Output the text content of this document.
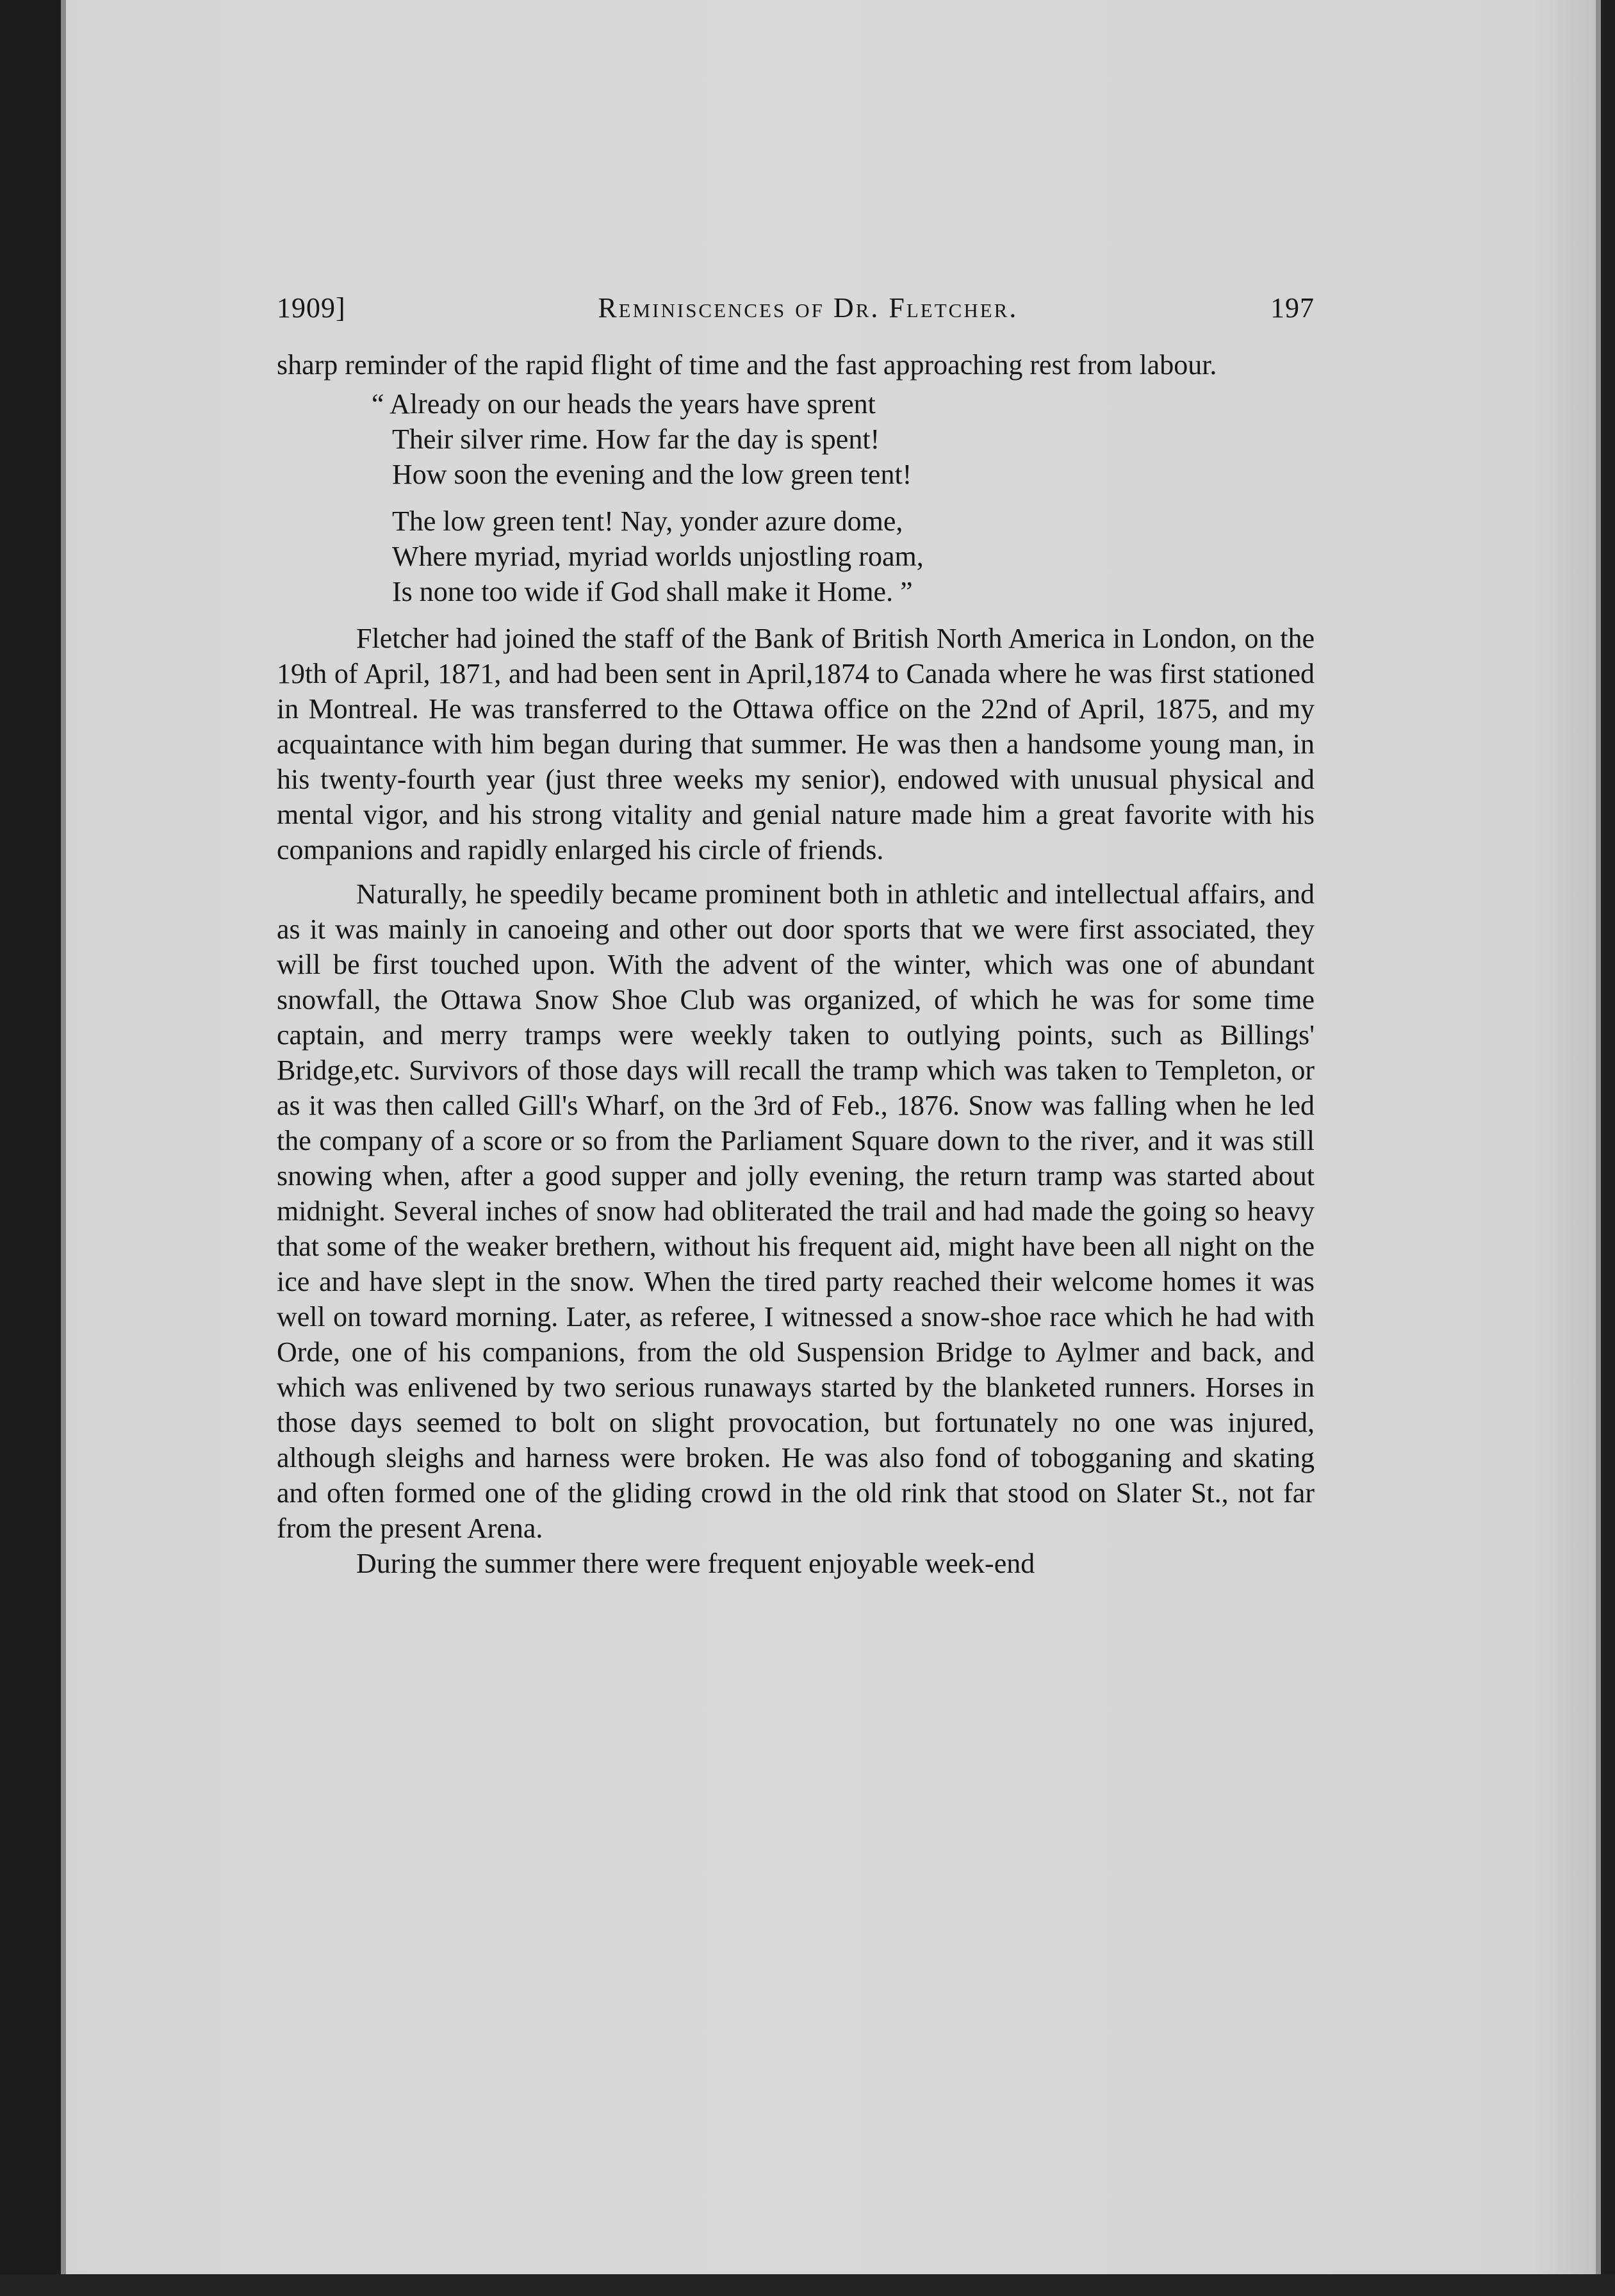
1909]	Reminiscences of Dr. Fletcher.	197

sharp reminder of the rapid flight of time and the fast approaching rest from labour.

“ Already on our heads the years have sprent
Their silver rime. How far the day is spent!
How soon the evening and the low green tent!
The low green tent! Nay, yonder azure dome,
Where myriad, myriad worlds unjostling roam,
Is none too wide if God shall make it Home. ”

Fletcher had joined the staff of the Bank of British North America in London, on the 19th of April, 1871, and had been sent in April,1874 to Canada where he was first stationed in Montreal. He was transferred to the Ottawa office on the 22nd of April, 1875, and my acquaintance with him began during that summer. He was then a handsome young man, in his twenty-fourth year (just three weeks my senior), endowed with unusual physical and mental vigor, and his strong vitality and genial nature made him a great favorite with his companions and rapidly enlarged his circle of friends.

Naturally, he speedily became prominent both in athletic and intellectual affairs, and as it was mainly in canoeing and other out door sports that we were first associated, they will be first touched upon. With the advent of the winter, which was one of abundant snowfall, the Ottawa Snow Shoe Club was organized, of which he was for some time captain, and merry tramps were weekly taken to outlying points, such as Billings' Bridge,etc. Survivors of those days will recall the tramp which was taken to Templeton, or as it was then called Gill's Wharf, on the 3rd of Feb., 1876. Snow was falling when he led the company of a score or so from the Parliament Square down to the river, and it was still snowing when, after a good supper and jolly evening, the return tramp was started about midnight. Several inches of snow had obliterated the trail and had made the going so heavy that some of the weaker brethern, without his frequent aid, might have been all night on the ice and have slept in the snow. When the tired party reached their welcome homes it was well on toward morning. Later, as referee, I witnessed a snow-shoe race which he had with Orde, one of his companions, from the old Suspension Bridge to Aylmer and back, and which was enlivened by two serious runaways started by the blanketed runners. Horses in those days seemed to bolt on slight provocation, but fortunately no one was injured, although sleighs and harness were broken. He was also fond of tobogganing and skating and often formed one of the gliding crowd in the old rink that stood on Slater St., not far from the present Arena.

During the summer there were frequent enjoyable week-end
